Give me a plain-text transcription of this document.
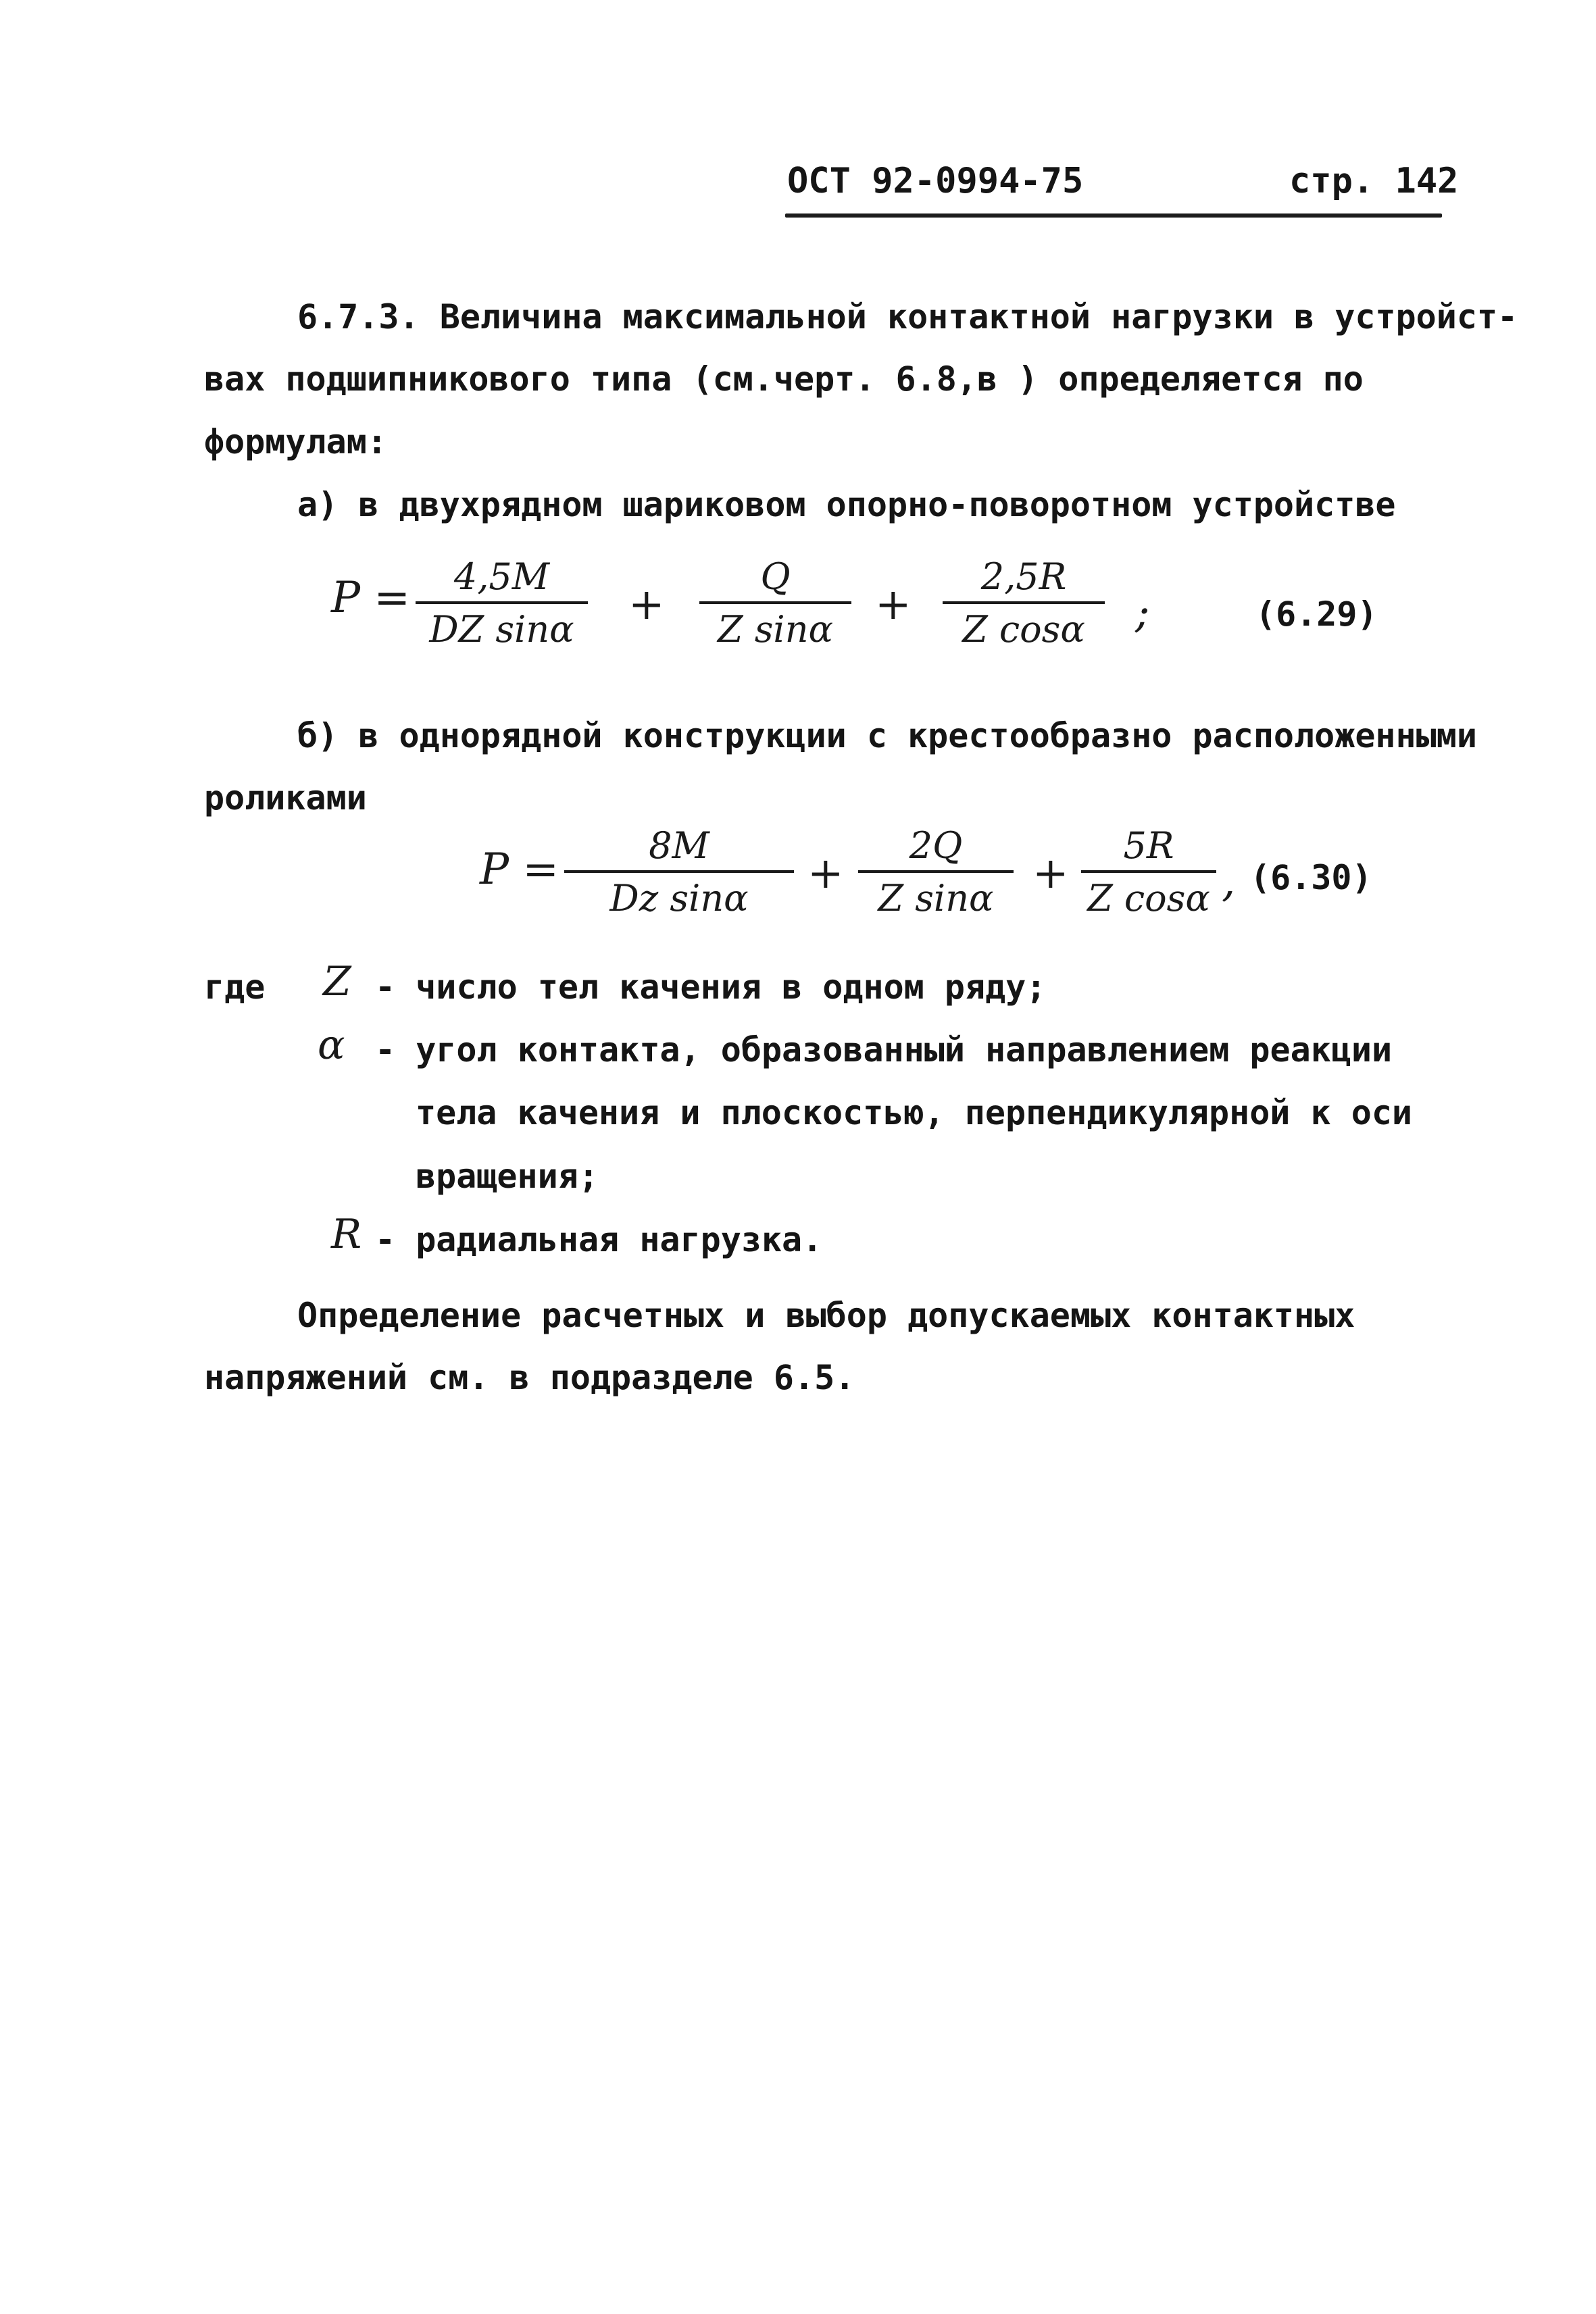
ОСТ 92-0994-75	стр. 142
6.7.3. Величина максимальной контактной нагрузки в устройст-
вах подшипникового типа (см.черт. 6.8,в ) определяется по
формулам:
а) в двухрядном шариковом опорно-поворотном устройстве
P =	4,5M
DZ sinα	+
Q
Z sinα +
2,5R
Z cosα	;	(6.29)
б) в однорядной конструкции с крестообразно расположенными
роликами
P =	8M
Dz sinα	+
2Q
Z sinα +
5R
Z cosα , (6.30)
где Z - число тел качения в одном ряду;
α - угол контакта, образованный направлением реакции
тела качения и плоскостью, перпендикулярной к оси
вращения;
R - радиальная нагрузка.
Определение расчетных и выбор допускаемых контактных
напряжений см. в подразделе 6.5.
